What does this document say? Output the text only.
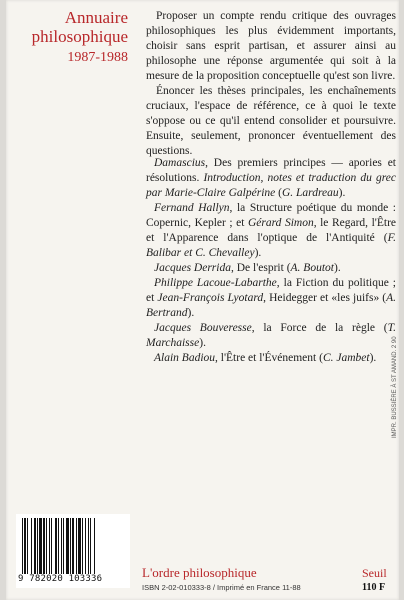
Annuaire
philosophique
1987-1988

Proposer un compte rendu critique des ouvrages philosophiques les plus évidemment importants, choisir sans esprit partisan, et assurer ainsi au philosophe une réponse argumentée qui soit à la mesure de la proposition conceptuelle qu'est son livre.

Énoncer les thèses principales, les enchaînements cruciaux, l'espace de référence, ce à quoi le texte s'oppose ou ce qu'il entend consolider et poursuivre. Ensuite, seulement, prononcer éventuellement des questions.

Damascius, Des premiers principes — apories et résolutions. Introduction, notes et traduction du grec par Marie-Claire Galpérine (G. Lardreau).

Fernand Hallyn, la Structure poétique du monde : Copernic, Kepler ; et Gérard Simon, le Regard, l'Être et l'Apparence dans l'optique de l'Antiquité (F. Balibar et C. Chevalley).

Jacques Derrida, De l'esprit (A. Boutot).

Philippe Lacoue-Labarthe, la Fiction du politique ; et Jean-François Lyotard, Heidegger et «les juifs» (A. Bertrand).

Jacques Bouveresse, la Force de la règle (T. Marchaisse).

Alain Badiou, l'Être et l'Événement (C. Jambet).

9 782020 103336	L'ordre philosophique
ISBN 2-02-010333-8 / Imprimé en France 11-88
Seuil
110 F
IMPR. BUSSIÈRE À ST AMAND. 2 90
